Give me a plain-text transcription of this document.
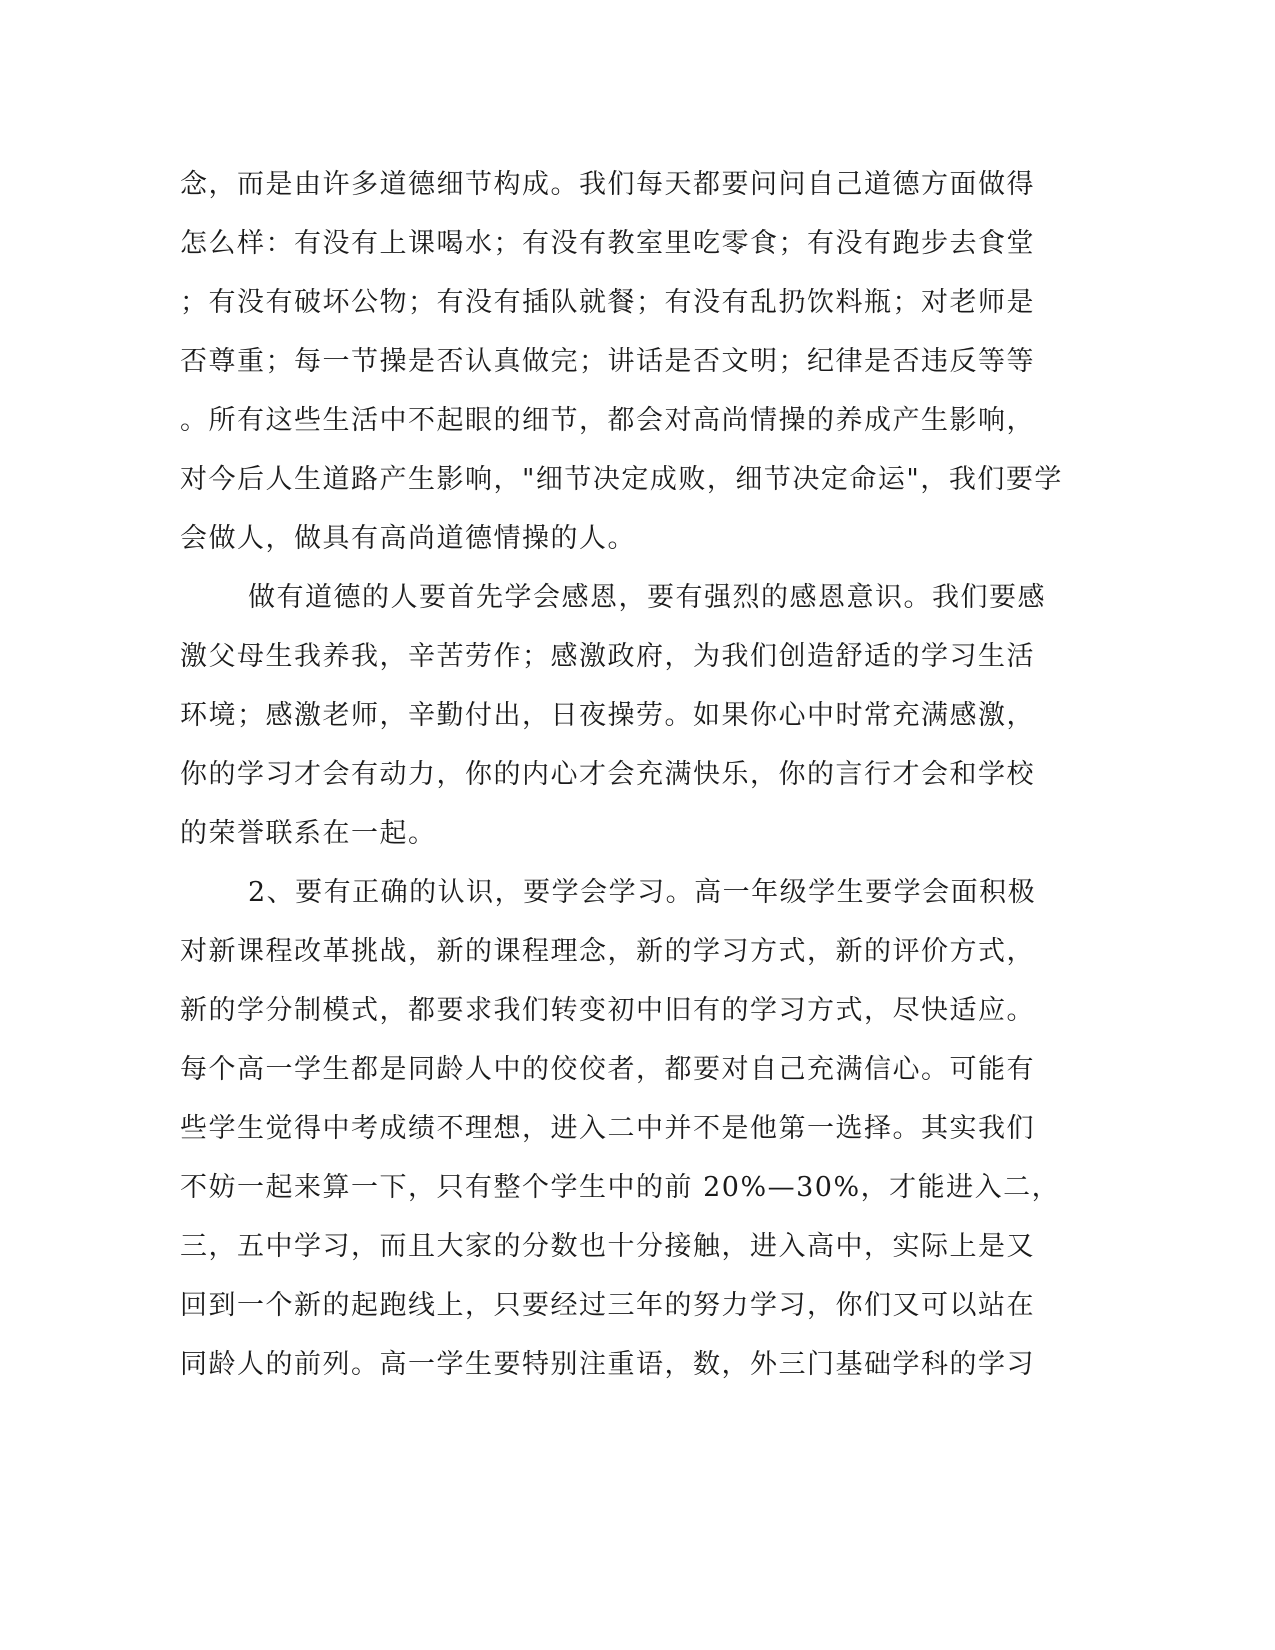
念，而是由许多道德细节构成。我们每天都要问问自己道德方面做得
怎么样：有没有上课喝水；有没有教室里吃零食；有没有跑步去食堂
；有没有破坏公物；有没有插队就餐；有没有乱扔饮料瓶；对老师是
否尊重；每一节操是否认真做完；讲话是否文明；纪律是否违反等等
。所有这些生活中不起眼的细节，都会对高尚情操的养成产生影响，
对今后人生道路产生影响，"细节决定成败，细节决定命运"，我们要学
会做人，做具有高尚道德情操的人。
做有道德的人要首先学会感恩，要有强烈的感恩意识。我们要感
激父母生我养我，辛苦劳作；感激政府，为我们创造舒适的学习生活
环境；感激老师，辛勤付出，日夜操劳。如果你心中时常充满感激，
你的学习才会有动力，你的内心才会充满快乐，你的言行才会和学校
的荣誉联系在一起。
2、要有正确的认识，要学会学习。高一年级学生要学会面积极
对新课程改革挑战，新的课程理念，新的学习方式，新的评价方式，
新的学分制模式，都要求我们转变初中旧有的学习方式，尽快适应。
每个高一学生都是同龄人中的佼佼者，都要对自己充满信心。可能有
些学生觉得中考成绩不理想，进入二中并不是他第一选择。其实我们
不妨一起来算一下，只有整个学生中的前 20%—30%，才能进入二，
三，五中学习，而且大家的分数也十分接触，进入高中，实际上是又
回到一个新的起跑线上，只要经过三年的努力学习，你们又可以站在
同龄人的前列。高一学生要特别注重语，数，外三门基础学科的学习
